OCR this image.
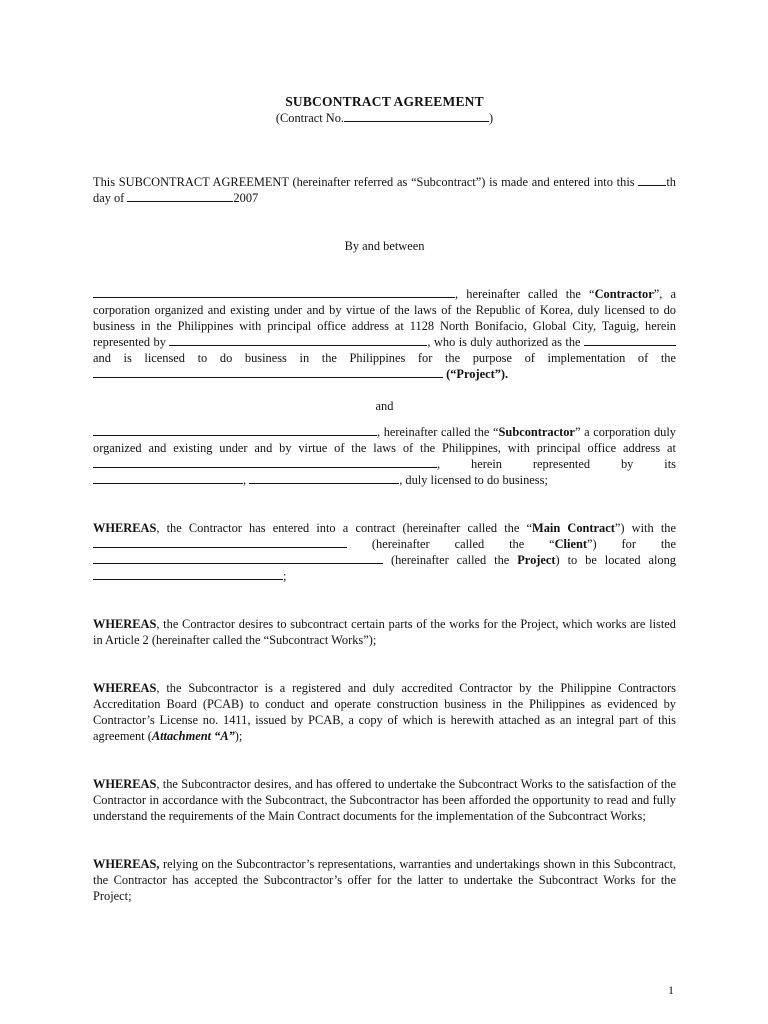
SUBCONTRACT AGREEMENT

(Contract No.	)

This SUBCONTRACT AGREEMENT (hereinafter referred as “Subcontract”) is made and entered into this	th day of	2007

By and between

, hereinafter called the “Contractor”, a corporation organized and existing under and by virtue of the laws of the Republic of Korea, duly licensed to do business in the Philippines with principal office address at 1128 North Bonifacio, Global City, Taguig, herein represented by	, who is duly authorized as the  and is licensed to do business in the Philippines for the purpose of implementation of the  (“Project”).

and

, hereinafter called the “Subcontractor” a corporation duly organized and existing under and by virtue of the laws of the Philippines, with principal office address at , herein represented by its ,	, duly licensed to do business;

WHEREAS, the Contractor has entered into a contract (hereinafter called the “Main Contract”) with the  (hereinafter called the “Client”) for the  (hereinafter called the Project) to be located along ;

WHEREAS, the Contractor desires to subcontract certain parts of the works for the Project, which works are listed in Article 2 (hereinafter called the “Subcontract Works”);

WHEREAS, the Subcontractor is a registered and duly accredited Contractor by the Philippine Contractors Accreditation Board (PCAB) to conduct and operate construction business in the Philippines as evidenced by Contractor’s License no. 1411, issued by PCAB, a copy of which is herewith attached as an integral part of this agreement (Attachment “A”);

WHEREAS, the Subcontractor desires, and has offered to undertake the Subcontract Works to the satisfaction of the Contractor in accordance with the Subcontract, the Subcontractor has been afforded the opportunity to read and fully understand the requirements of the Main Contract documents for the implementation of the Subcontract Works;

WHEREAS, relying on the Subcontractor’s representations, warranties and undertakings shown in this Subcontract, the Contractor has accepted the Subcontractor’s offer for the latter to undertake the Subcontract Works for the Project;

1
